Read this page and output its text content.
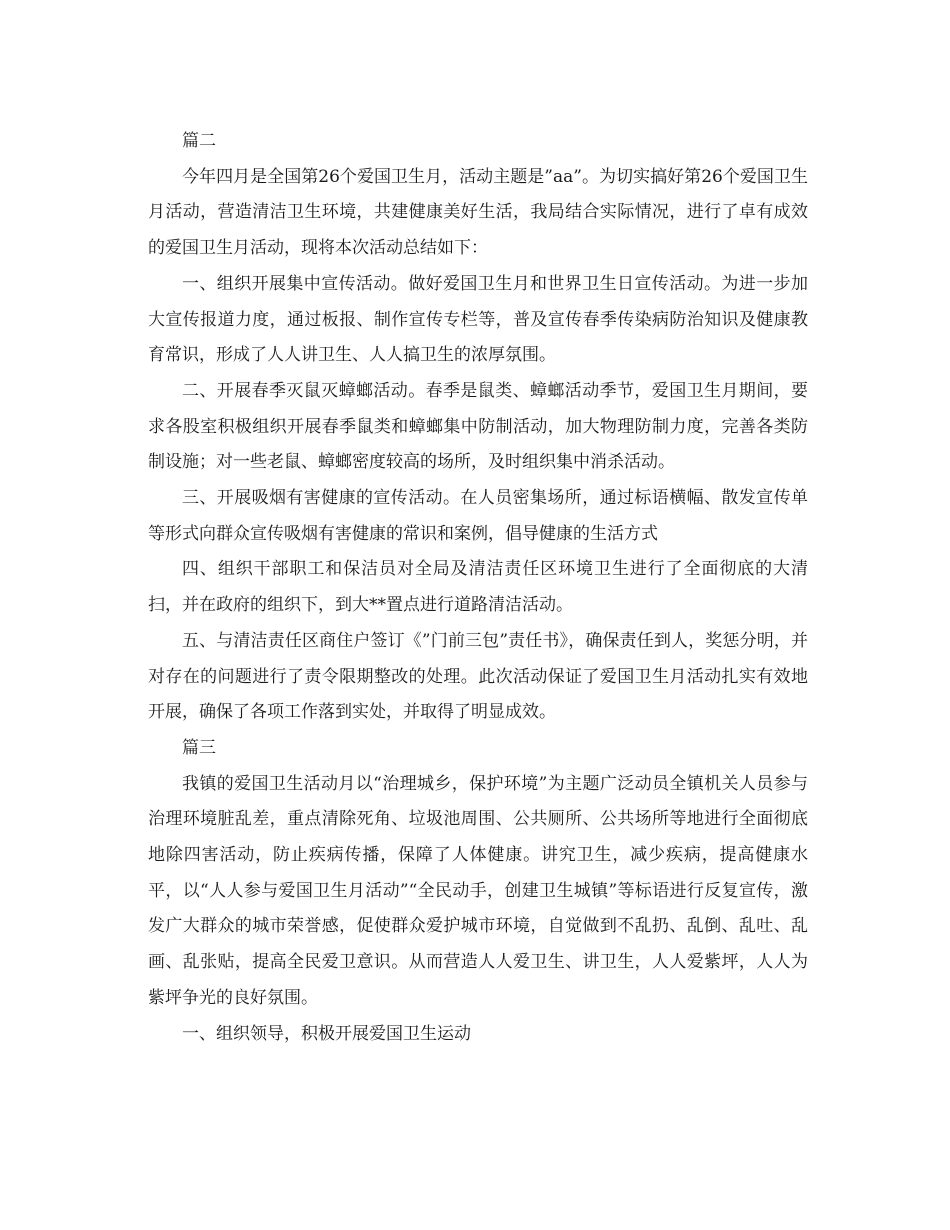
篇二

今年四月是全国第26个爱国卫生月，活动主题是”aa”。为切实搞好第26个爱国卫生月活动，营造清洁卫生环境，共建健康美好生活，我局结合实际情况，进行了卓有成效的爱国卫生月活动，现将本次活动总结如下：

一、组织开展集中宣传活动。做好爱国卫生月和世界卫生日宣传活动。为进一步加大宣传报道力度，通过板报、制作宣传专栏等，普及宣传春季传染病防治知识及健康教育常识，形成了人人讲卫生、人人搞卫生的浓厚氛围。

二、开展春季灭鼠灭蟑螂活动。春季是鼠类、蟑螂活动季节，爱国卫生月期间，要求各股室积极组织开展春季鼠类和蟑螂集中防制活动，加大物理防制力度，完善各类防制设施；对一些老鼠、蟑螂密度较高的场所，及时组织集中消杀活动。

三、开展吸烟有害健康的宣传活动。在人员密集场所，通过标语横幅、散发宣传单等形式向群众宣传吸烟有害健康的常识和案例，倡导健康的生活方式

四、组织干部职工和保洁员对全局及清洁责任区环境卫生进行了全面彻底的大清扫，并在政府的组织下，到大**置点进行道路清洁活动。

五、与清洁责任区商住户签订《”门前三包”责任书》，确保责任到人，奖惩分明，并对存在的问题进行了责令限期整改的处理。此次活动保证了爱国卫生月活动扎实有效地开展，确保了各项工作落到实处，并取得了明显成效。

篇三

我镇的爱国卫生活动月以“治理城乡，保护环境”为主题广泛动员全镇机关人员参与治理环境脏乱差，重点清除死角、垃圾池周围、公共厕所、公共场所等地进行全面彻底地除四害活动，防止疾病传播，保障了人体健康。讲究卫生，减少疾病，提高健康水平，以“人人参与爱国卫生月活动”“全民动手，创建卫生城镇”等标语进行反复宣传，激发广大群众的城市荣誉感，促使群众爱护城市环境，自觉做到不乱扔、乱倒、乱吐、乱画、乱张贴，提高全民爱卫意识。从而营造人人爱卫生、讲卫生，人人爱紫坪，人人为紫坪争光的良好氛围。

一、组织领导，积极开展爱国卫生运动
